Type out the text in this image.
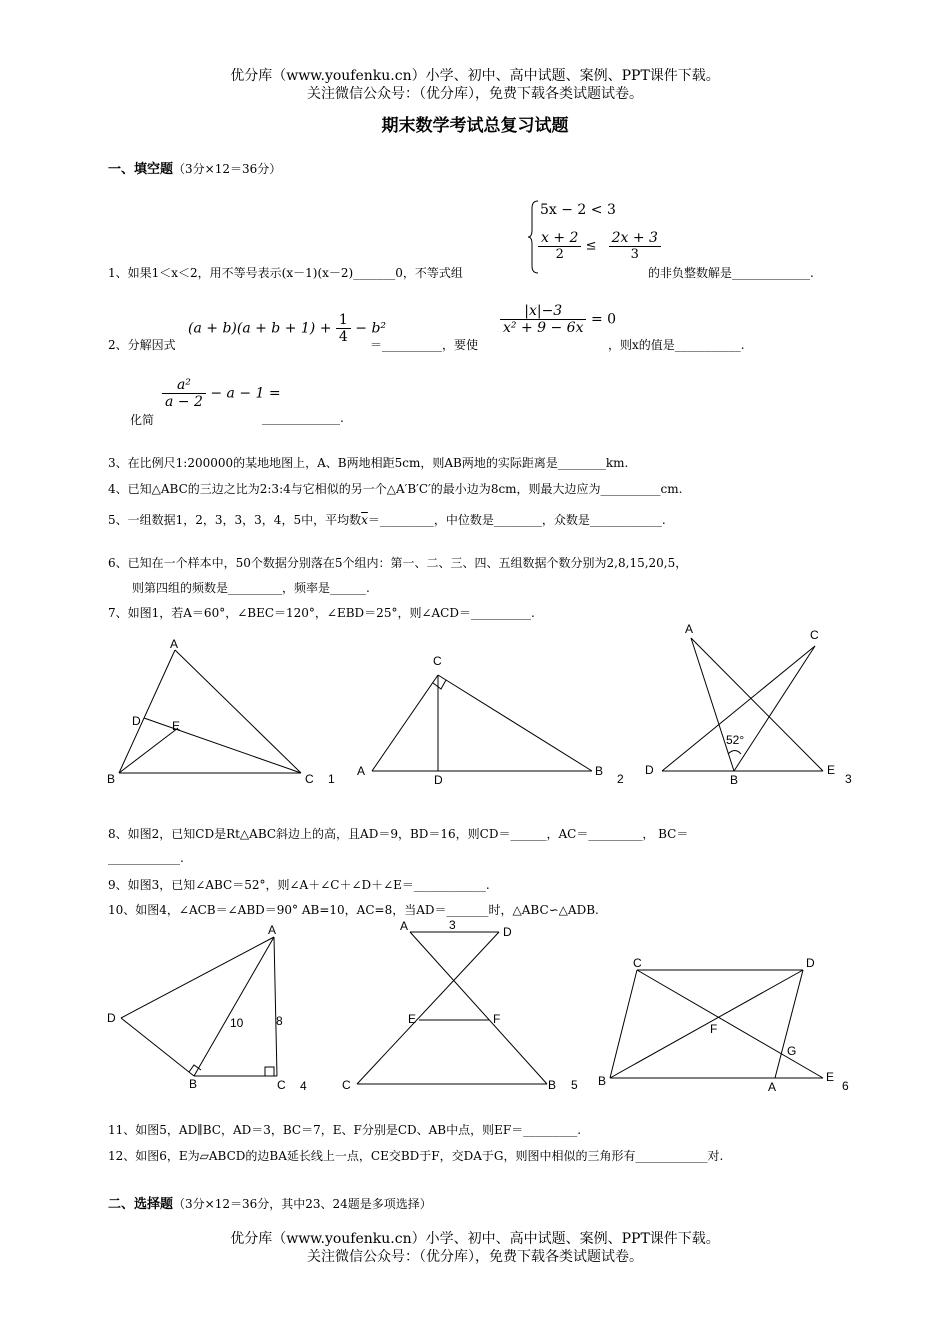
优分库（www.youfenku.cn）小学、初中、高中试题、案例、PPT课件下载。
关注微信公众号：（优分库），免费下载各类试题试卷。
期末数学考试总复习试题
一、填空题（3分×12＝36分）
5x − 2 < 3
$\frac{x + 2}{2} \le \frac{2x + 3}{3}$
1、如果1＜x＜2，用不等号表示(x－1)(x－2)_______0，不等式组	的非负整数解是_____________.
2、分解因式
$(a + b)(a + b + 1) + \frac{1}{4} - b^2$
＝__________，要使
$\frac{|x|-3}{\text{x² + 9 − 6x}} = 0$
，则x的值是___________.
化简
$\frac{\text{a²}}{a - 2} - a - 1$ =
_____________.
3、在比例尺1:200000的某地地图上，A、B两地相距5cm，则AB两地的实际距离是________km.
4、已知△ABC的三边之比为2:3:4与它相似的另一个△A′B′C′的最小边为8cm，则最大边应为__________cm.
5、一组数据1，2，3，3，3，4，5中，平均数$\overline{x}=\_\_\_\_\_\_\_\_\_$，中位数是________，众数是____________.
6、已知在一个样本中，50个数据分别落在5个组内：第一、二、三、四、五组数据个数分别为2,8,15,20,5，
则第四组的频数是_________，频率是______.
7、如图1，若A＝60°，∠BEC＝120°，∠EBD＝25°，则∠ACD＝__________.
A
B	C
D	E
1
C
A	B
D	2
A	C
D
B
E
52°
3
8、如图2，已知CD是Rt△ABC斜边上的高，且AD＝9，BD＝16，则CD＝______，AC＝_________， BC＝
____________.
9、如图3，已知∠ABC＝52°，则∠A＋∠C＋∠D＋∠E＝____________.
10、如图4，∠ACB＝∠ABD＝90° AB=10，AC=8，当AD＝_______时，△ABC∽△ADB.
A
D
B	C
10	8
4
A	3	D
E	F
C	B 5
C	D
F
G
B	A
E
6
11、如图5，AD∥BC，AD＝3，BC＝7，E、F分别是CD、AB中点，则EF＝_________.
12、如图6，E为▱ABCD的边BA延长线上一点，CE交BD于F，交DA于G，则图中相似的三角形有____________对.
二、选择题（3分×12＝36分，其中23、24题是多项选择）
优分库（www.youfenku.cn）小学、初中、高中试题、案例、PPT课件下载。
关注微信公众号：（优分库），免费下载各类试题试卷。
